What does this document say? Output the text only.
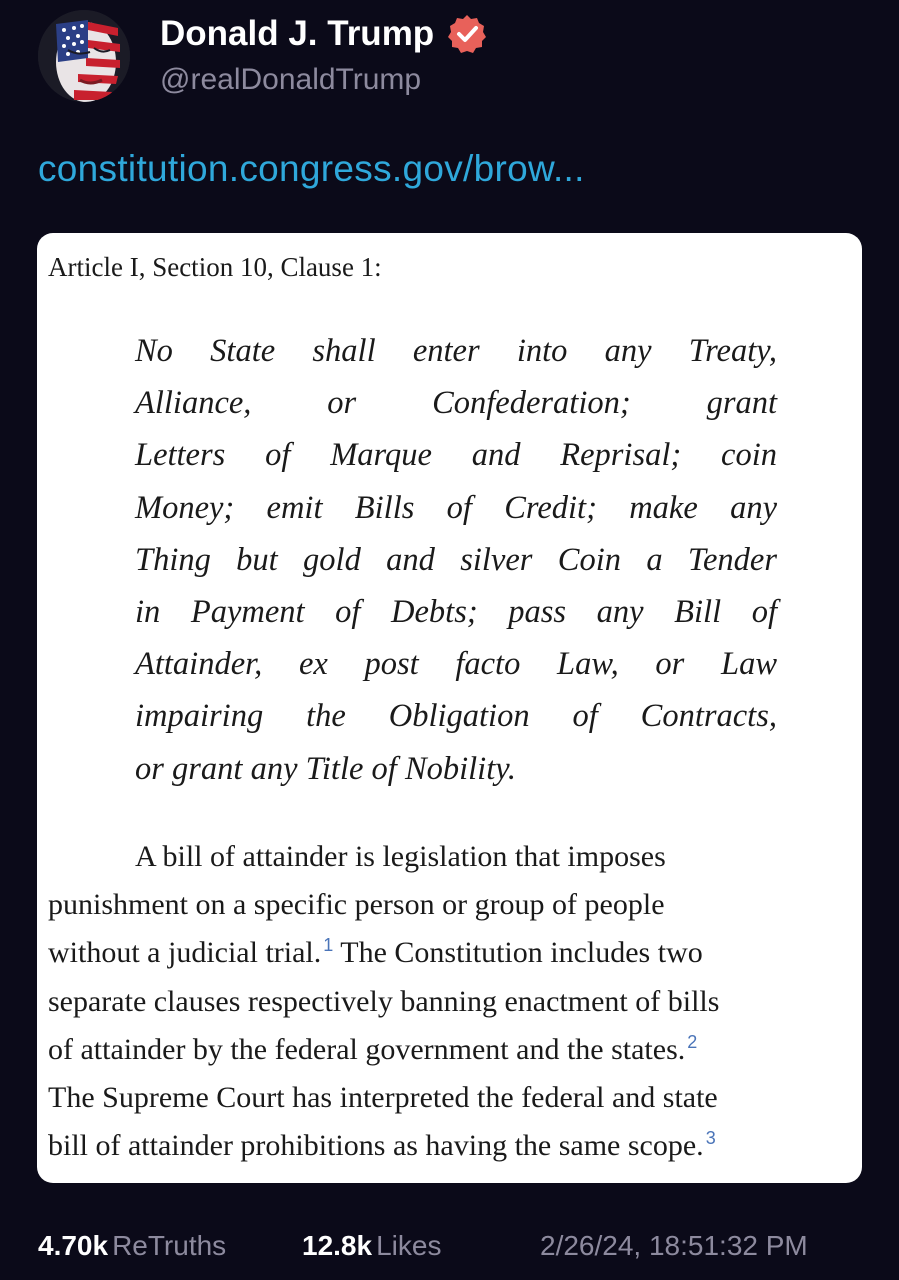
Donald J. Trump
@realDonaldTrump
constitution.congress.gov/brow...
Article I, Section 10, Clause 1:
No State shall enter into any Treaty,
Alliance, or Confederation; grant
Letters of Marque and Reprisal; coin
Money; emit Bills of Credit; make any
Thing but gold and silver Coin a Tender
in Payment of Debts; pass any Bill of
Attainder, ex post facto Law, or Law
impairing the Obligation of Contracts,
or grant any Title of Nobility.
A bill of attainder is legislation that imposes
punishment on a specific person or group of people
without a judicial trial. $^1$ The Constitution includes two
separate clauses respectively banning enactment of bills
of attainder by the federal government and the states. $^2$
The Supreme Court has interpreted the federal and state
bill of attainder prohibitions as having the same scope. $^3$
4.70k ReTruths	12.8k Likes	2/26/24, 18:51:32 PM
